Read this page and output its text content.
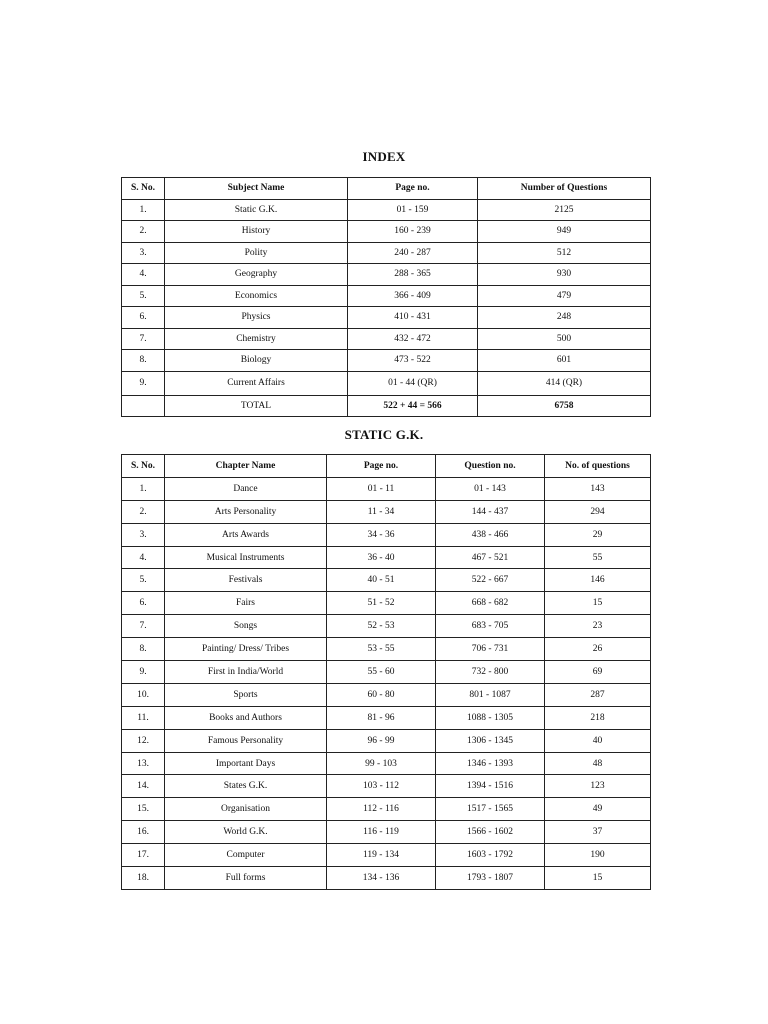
INDEX
S. No.	Subject Name	Page no.	Number of Questions
1.	Static G.K.	01 - 159	2125
2.	History	160 - 239	949
3.	Polity	240 - 287	512
4.	Geography	288 - 365	930
5.	Economics	366 - 409	479
6.	Physics	410 - 431	248
7.	Chemistry	432 - 472	500
8.	Biology	473 - 522	601
9.	Current Affairs	01 - 44 (QR)	414 (QR)
	TOTAL	522 + 44 = 566	6758
STATIC G.K.
S. No.	Chapter Name	Page no.	Question no.	No. of questions
1.	Dance	01 - 11	01 - 143	143
2.	Arts Personality	11 - 34	144 - 437	294
3.	Arts Awards	34 - 36	438 - 466	29
4.	Musical Instruments	36 - 40	467 - 521	55
5.	Festivals	40 - 51	522 - 667	146
6.	Fairs	51 - 52	668 - 682	15
7.	Songs	52 - 53	683 - 705	23
8.	Painting/ Dress/ Tribes	53 - 55	706 - 731	26
9.	First in India/World	55 - 60	732 - 800	69
10.	Sports	60 - 80	801 - 1087	287
11.	Books and Authors	81 - 96	1088 - 1305	218
12.	Famous Personality	96 - 99	1306 - 1345	40
13.	Important Days	99 - 103	1346 - 1393	48
14.	States G.K.	103 - 112	1394 - 1516	123
15.	Organisation	112 - 116	1517 - 1565	49
16.	World G.K.	116 - 119	1566 - 1602	37
17.	Computer	119 - 134	1603 - 1792	190
18.	Full forms	134 - 136	1793 - 1807	15
